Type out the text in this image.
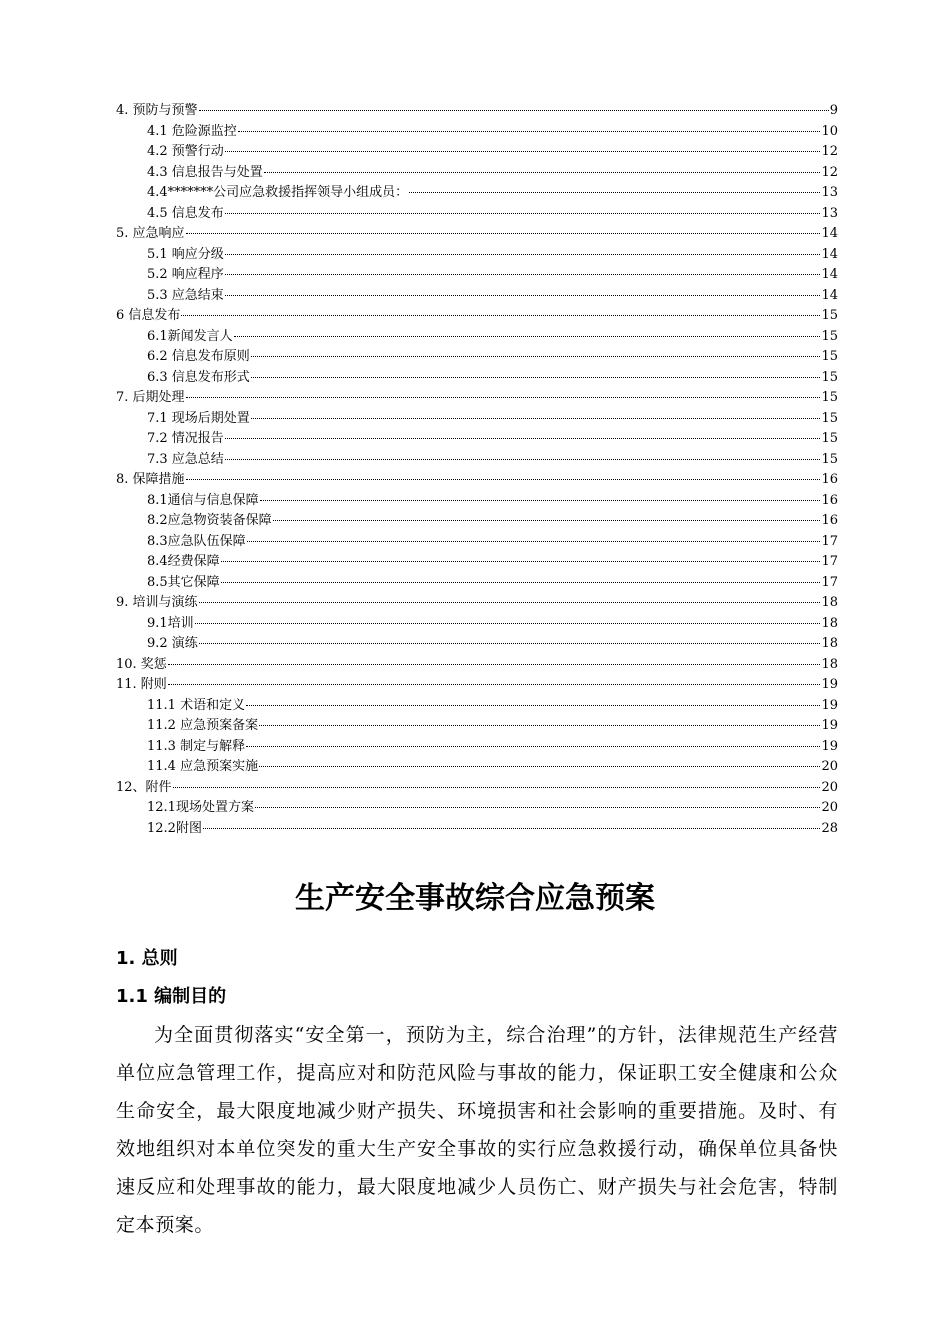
4. 预防与预警	9
4.1 危险源监控	10
4.2 预警行动	12
4.3 信息报告与处置	12
4.4*******公司应急救援指挥领导小组成员：	13
4.5 信息发布	13
5. 应急响应	14
5.1 响应分级	14
5.2 响应程序	14
5.3 应急结束	14
6 信息发布	15
6.1新闻发言人	15
6.2 信息发布原则	15
6.3 信息发布形式	15
7. 后期处理	15
7.1 现场后期处置	15
7.2 情况报告	15
7.3 应急总结	15
8. 保障措施	16
8.1通信与信息保障	16
8.2应急物资装备保障	16
8.3应急队伍保障	17
8.4经费保障	17
8.5其它保障	17
9. 培训与演练	18
9.1培训	18
9.2 演练	18
10. 奖惩	18
11. 附则	19
11.1 术语和定义	19
11.2 应急预案备案	19
11.3 制定与解释	19
11.4 应急预案实施	20
12、附件	20
12.1现场处置方案	20
12.2附图	28
生产安全事故综合应急预案
1. 总则
1.1 编制目的

为全面贯彻落实“安全第一，预防为主，综合治理”的方针，法律规范生产经营单位应急管理工作，提高应对和防范风险与事故的能力，保证职工安全健康和公众生命安全，最大限度地减少财产损失、环境损害和社会影响的重要措施。及时、有效地组织对本单位突发的重大生产安全事故的实行应急救援行动，确保单位具备快速反应和处理事故的能力，最大限度地减少人员伤亡、财产损失与社会危害，特制定本预案。
